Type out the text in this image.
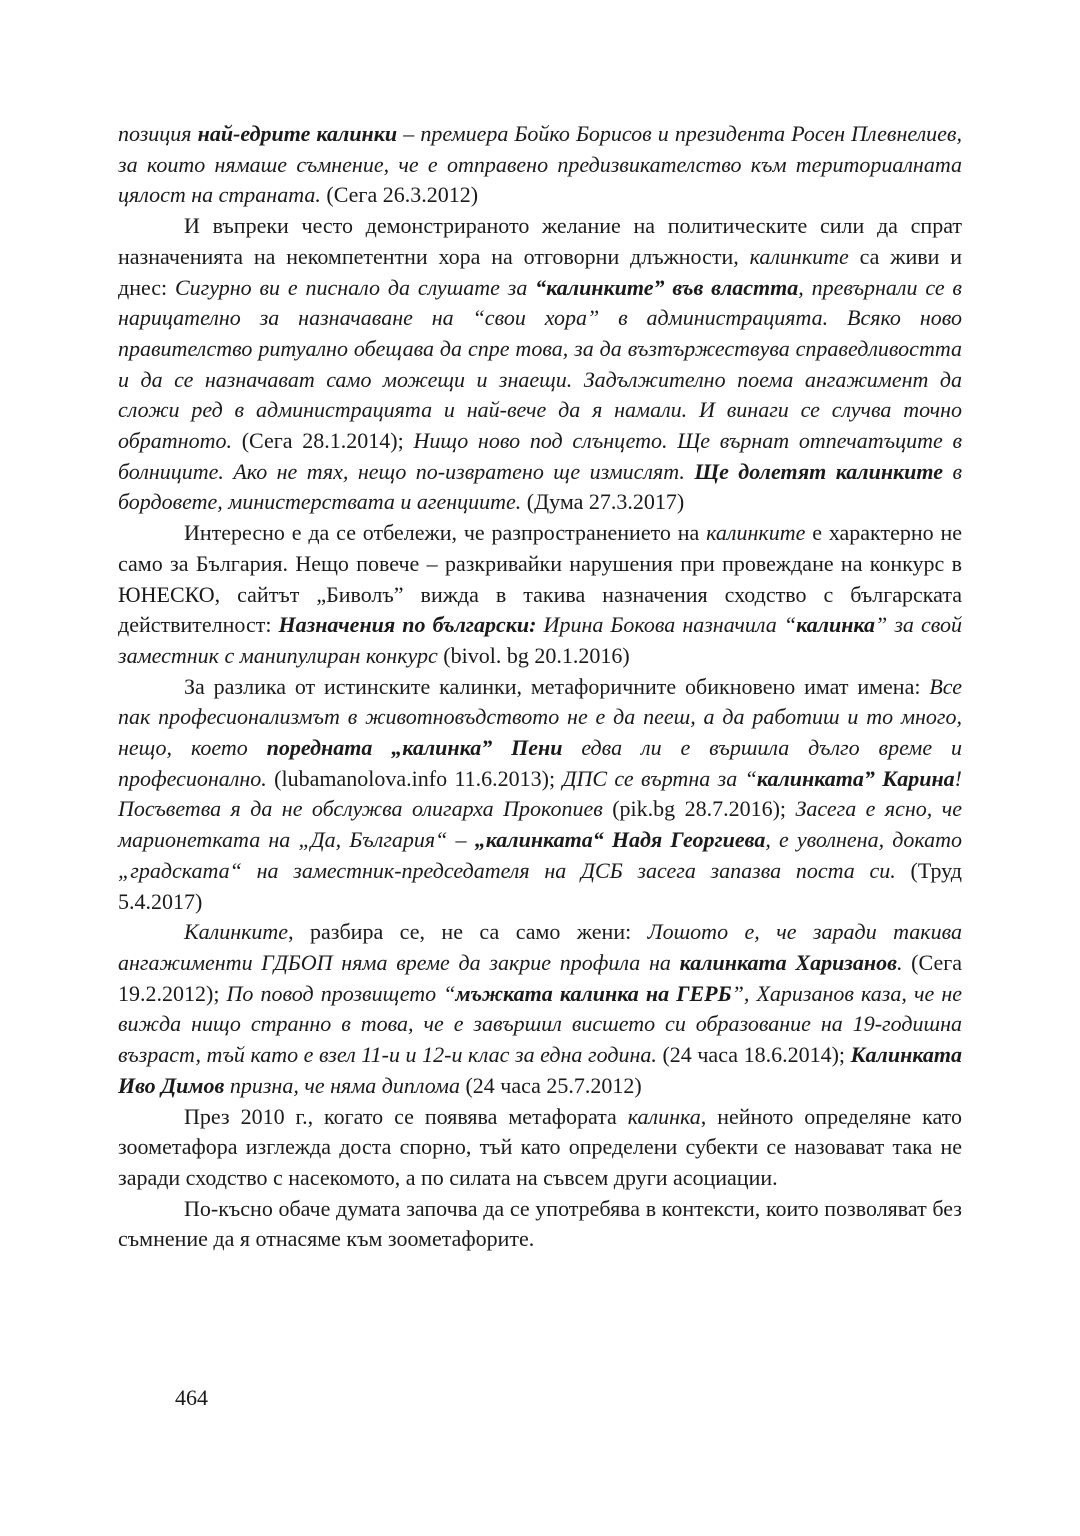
позиция най-едрите калинки – премиера Бойко Борисов и президента Росен Плевнелиев, за които нямаше съмнение, че е отправено предизвикателство към териториалната цялост на страната. (Сега 26.3.2012)

И въпреки често демонстрираното желание на политическите сили да спрат назначенията на некомпетентни хора на отговорни длъжности, калинките са живи и днес: Сигурно ви е писнало да слушате за “калинките” във властта, превърнали се в нарицателно за назначаване на “свои хора” в администрацията. Всяко ново правителство ритуално обещава да спре това, за да възтържествува справедливостта и да се назначават само можещи и знаещи. Задължително поема ангажимент да сложи ред в администрацията и най-вече да я намали. И винаги се случва точно обратното. (Сега 28.1.2014); Нищо ново под слънцето. Ще върнат отпечатъците в болниците. Ако не тях, нещо по-извратено ще измислят. Ще долетят калинките в бордовете, министерствата и агенциите. (Дума 27.3.2017)

Интересно е да се отбележи, че разпространението на калинките е характерно не само за България. Нещо повече – разкривайки нарушения при провеждане на конкурс в ЮНЕСКО, сайтът „Биволъ” вижда в такива назначения сходство с българската действителност: Назначения по български: Ирина Бокова назначила “калинка” за свой заместник с манипулиран конкурс (bivol. bg 20.1.2016)

За разлика от истинските калинки, метафоричните обикновено имат имена: Все пак професионализмът в животновъдството не е да пееш, а да работиш и то много, нещо, което поредната „калинка” Пени едва ли е вършила дълго време и професионално. (lubamanolova.info 11.6.2013); ДПС се въртна за “калинката” Карина! Посъветва я да не обслужва олигарха Прокопиев (pik.bg 28.7.2016); Засега е ясно, че марионетката на „Да, България“ – „калинката“ Надя Георгиева, е уволнена, докато „градската“ на заместник-председателя на ДСБ засега запазва поста си. (Труд 5.4.2017)

Калинките, разбира се, не са само жени: Лошото е, че заради такива ангажименти ГДБОП няма време да закрие профила на калинката Харизанов. (Сега 19.2.2012); По повод прозвището “мъжката калинка на ГЕРБ”, Харизанов каза, че не вижда нищо странно в това, че е завършил висшето си образование на 19-годишна възраст, тъй като е взел 11-и и 12-и клас за една година. (24 часа 18.6.2014); Калинката Иво Димов призна, че няма диплома (24 часа 25.7.2012)

През 2010 г., когато се появява метафората калинка, нейното определяне като зоометафора изглежда доста спорно, тъй като определени субекти се назовават така не заради сходство с насекомото, а по силата на съвсем други асоциации.

По-късно обаче думата започва да се употребява в контексти, които позволяват без съмнение да я отнасяме към зоометафорите.

464
